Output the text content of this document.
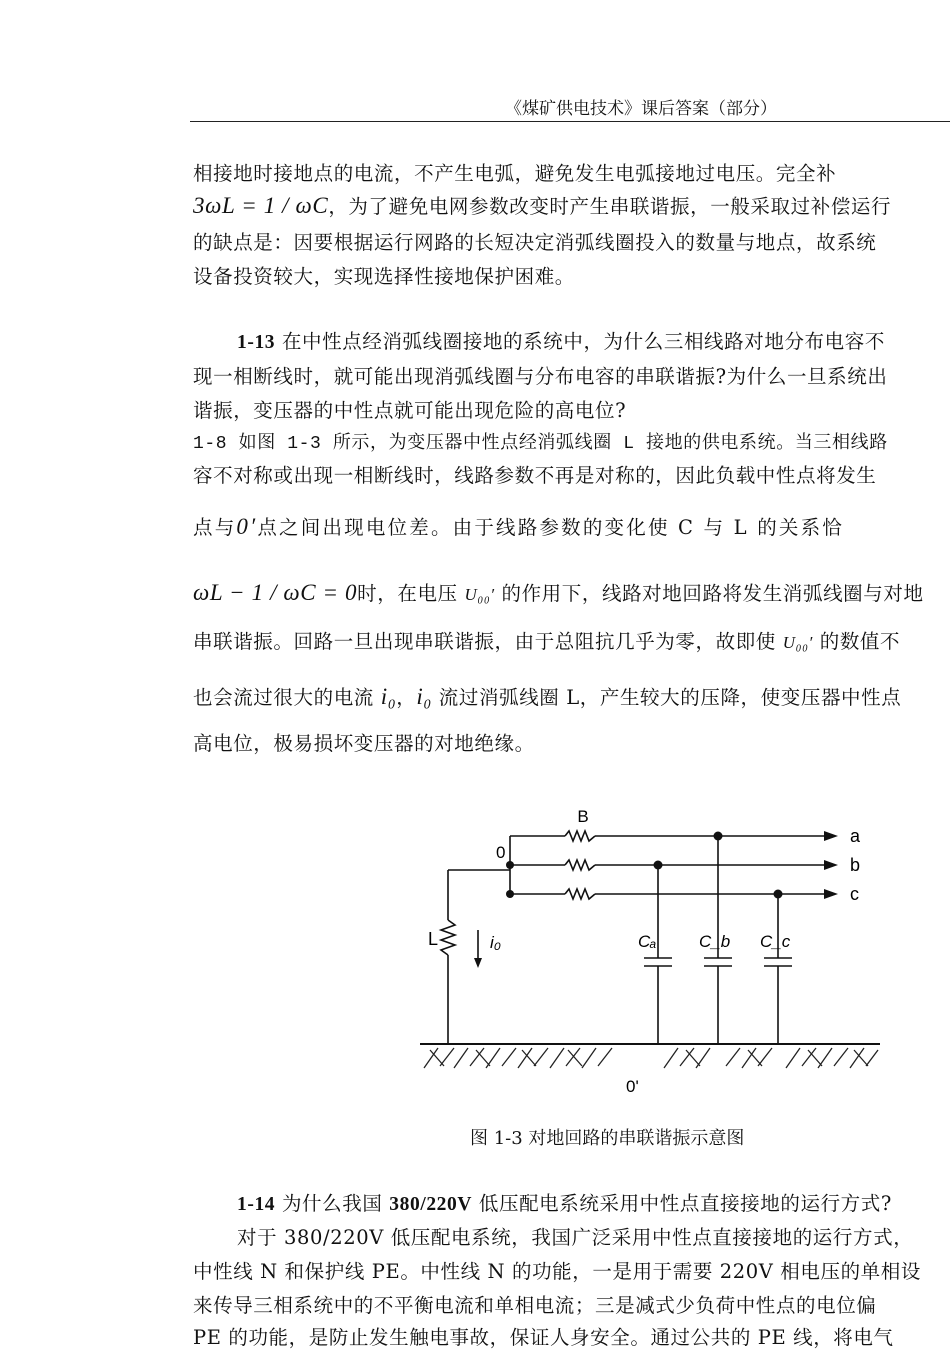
《煤矿供电技术》课后答案（部分）
相接地时接地点的电流，不产生电弧，避免发生电弧接地过电压。完全补
3ωL = 1 / ωC，为了避免电网参数改变时产生串联谐振，一般采取过补偿运行
的缺点是：因要根据运行网路的长短决定消弧线圈投入的数量与地点，故系统
设备投资较大，实现选择性接地保护困难。
1-13 在中性点经消弧线圈接地的系统中，为什么三相线路对地分布电容不
现一相断线时，就可能出现消弧线圈与分布电容的串联谐振?为什么一旦系统出
谐振，变压器的中性点就可能出现危险的高电位?
1-8 如图 1-3 所示，为变压器中性点经消弧线圈 L 接地的供电系统。当三相线路
容不对称或出现一相断线时，线路参数不再是对称的，因此负载中性点将发生
点与0′点之间出现电位差。由于线路参数的变化使 C 与 L 的关系恰
ωL − 1 / ωC = 0时，在电压 U₀₀′ 的作用下，线路对地回路将发生消弧线圈与对地
串联谐振。回路一旦出现串联谐振，由于总阻抗几乎为零，故即使 U₀₀′ 的数值不
也会流过很大的电流 i₀，i₀ 流过消弧线圈 L，产生较大的压降，使变压器中性点
高电位，极易损坏变压器的对地绝缘。
B
0
a
b
c
L	i₀	Cₐ	C_b C_c
0'
图 1-3 对地回路的串联谐振示意图
1-14 为什么我国 380/220V 低压配电系统采用中性点直接接地的运行方式?
对于 380/220V 低压配电系统，我国广泛采用中性点直接接地的运行方式，
中性线 N 和保护线 PE。中性线 N 的功能，一是用于需要 220V 相电压的单相设
来传导三相系统中的不平衡电流和单相电流；三是减式少负荷中性点的电位偏
PE 的功能，是防止发生触电事故，保证人身安全。通过公共的 PE 线，将电气
